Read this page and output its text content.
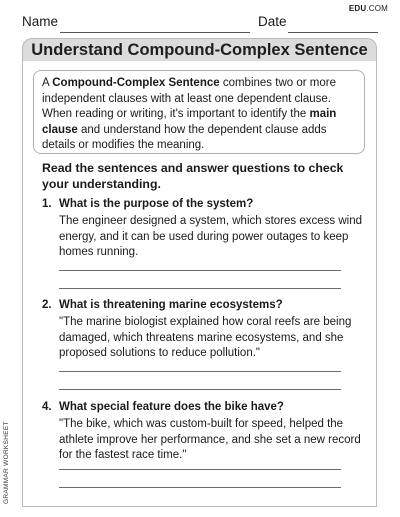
Name	Date
EDU.COM
Understand Compound-Complex Sentence
A Compound-Complex Sentence combines two or more independent clauses with at least one dependent clause. When reading or writing, it's important to identify the main clause and understand how the dependent clause adds details or modifies the meaning.
Read the sentences and answer questions to check your understanding.
1. What is the purpose of the system?
The engineer designed a system, which stores excess wind energy, and it can be used during power outages to keep homes running.
2. What is threatening marine ecosystems?
"The marine biologist explained how coral reefs are being damaged, which threatens marine ecosystems, and she proposed solutions to reduce pollution."
4. What special feature does the bike have?
"The bike, which was custom-built for speed, helped the athlete improve her performance, and she set a new record for the fastest race time."
GRAMMAR WORKSHEET
